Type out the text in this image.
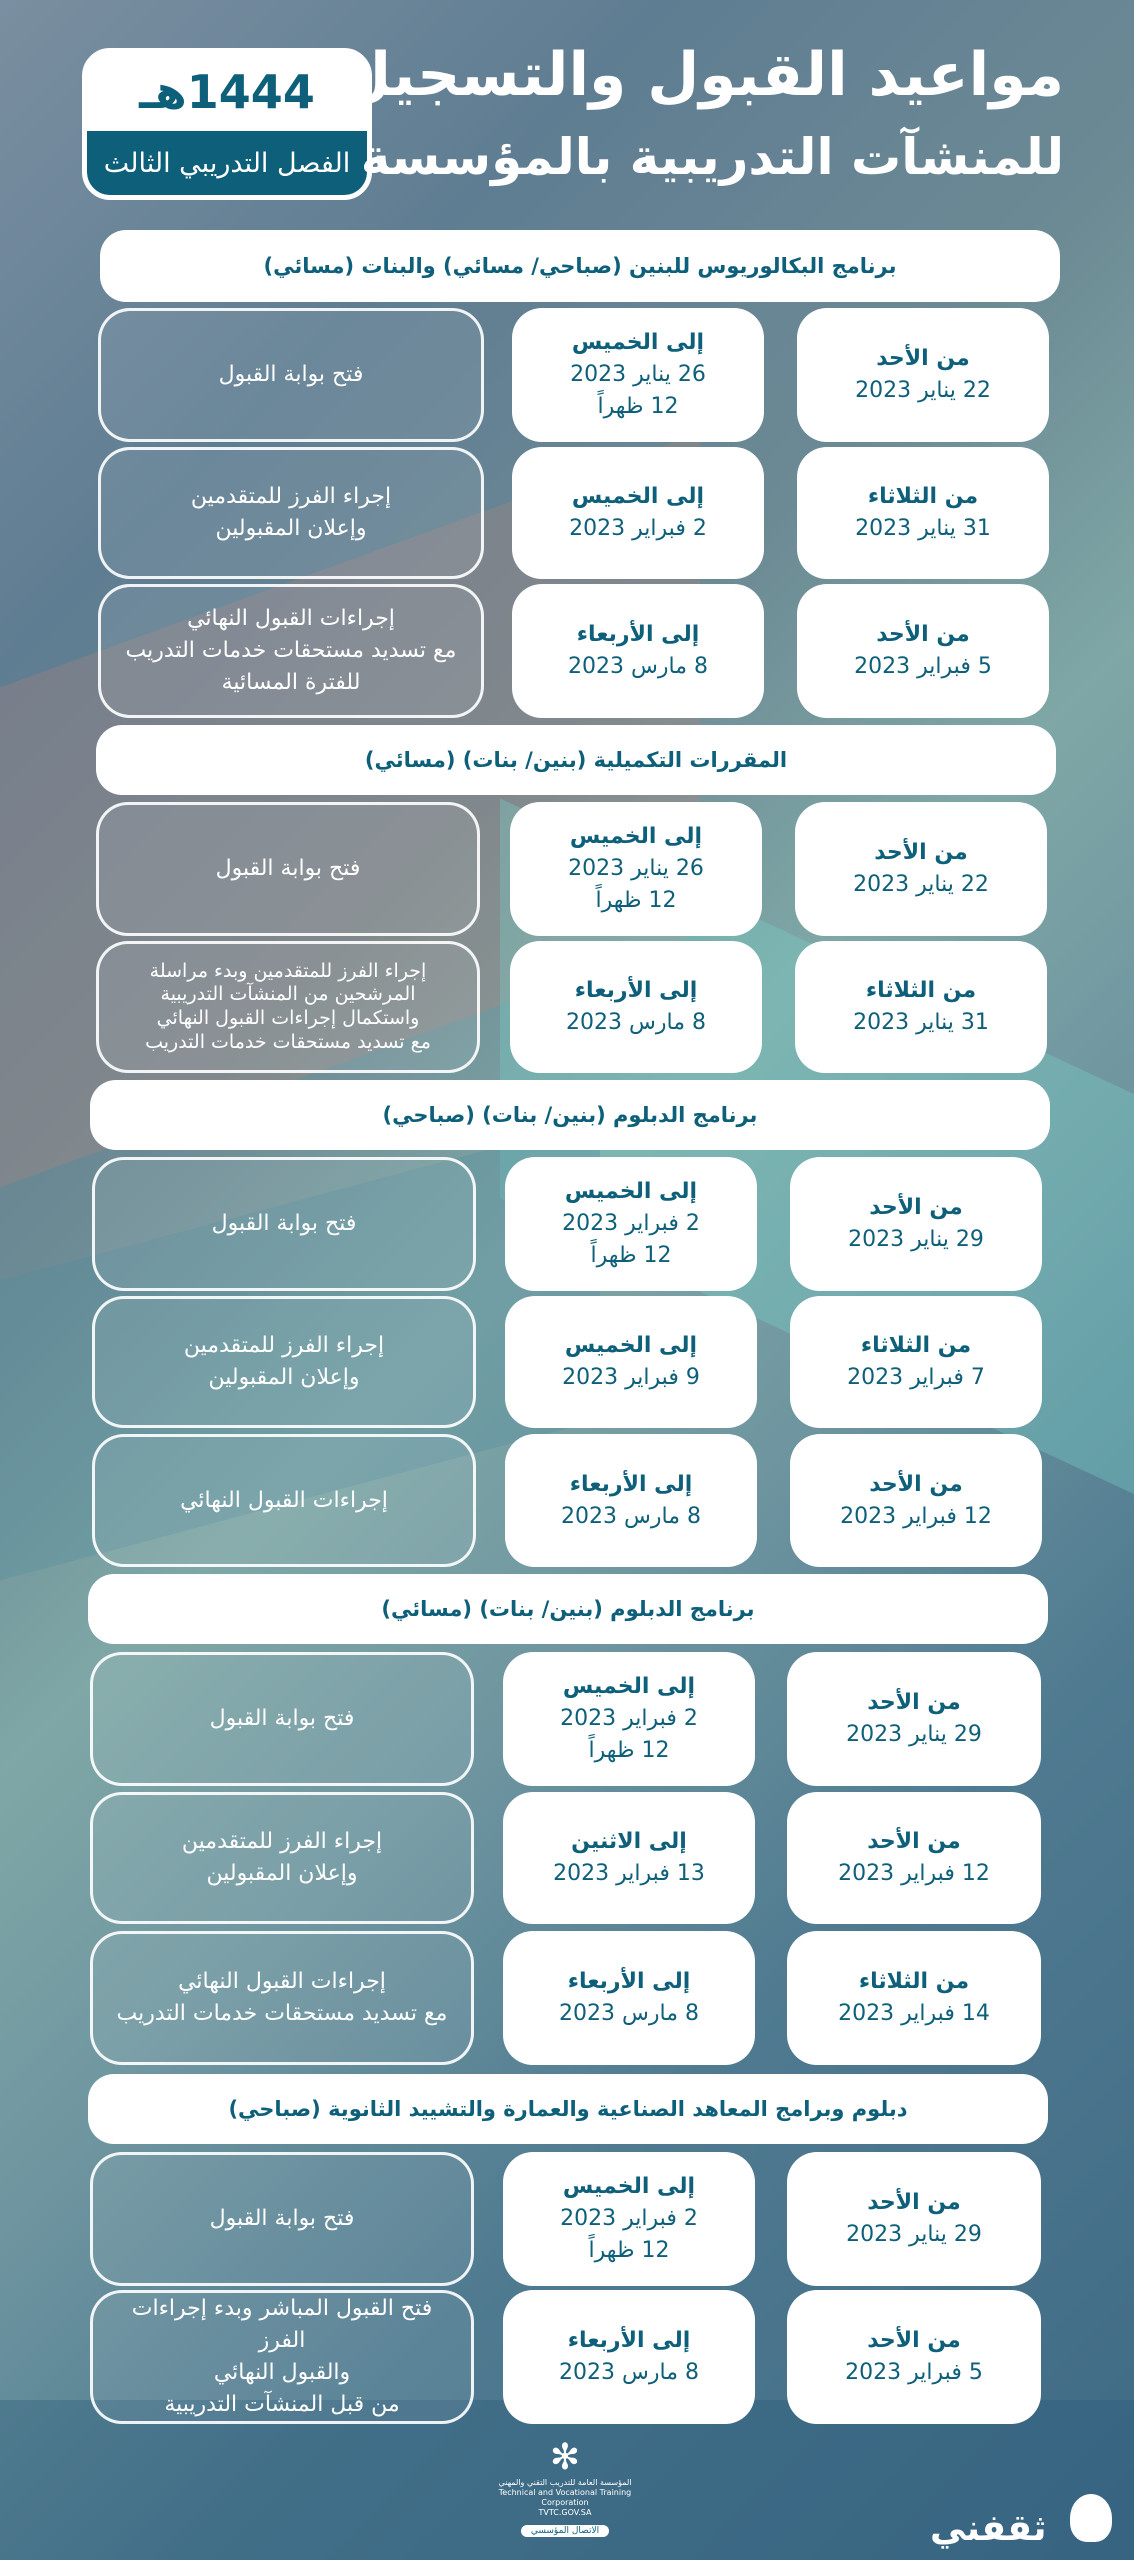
1444هـ
الفصل التدريبي الثالث
مواعيد القبول والتسجيل
للمنشآت التدريبية بالمؤسسة
برنامج البكالوريوس للبنين (صباحي/ مسائي) والبنات (مسائي)
من الأحد
22 يناير 2023
إلى الخميس
26 يناير 2023
12 ظهراً
فتح بوابة القبول
من الثلاثاء
31 يناير 2023
إلى الخميس
2 فبراير 2023
إجراء الفرز للمتقدمين
وإعلان المقبولين
من الأحد
5 فبراير 2023
إلى الأربعاء
8 مارس 2023
إجراءات القبول النهائي
مع تسديد مستحقات خدمات التدريب
للفترة المسائية
المقررات التكميلية (بنين/ بنات) (مسائي)
من الأحد
22 يناير 2023
إلى الخميس
26 يناير 2023
12 ظهراً
فتح بوابة القبول
من الثلاثاء
31 يناير 2023
إلى الأربعاء
8 مارس 2023
إجراء الفرز للمتقدمين وبدء مراسلة
المرشحين من المنشآت التدريبية
واستكمال إجراءات القبول النهائي
مع تسديد مستحقات خدمات التدريب
برنامج الدبلوم (بنين/ بنات) (صباحي)
من الأحد
29 يناير 2023
إلى الخميس
2 فبراير 2023
12 ظهراً
فتح بوابة القبول
من الثلاثاء
7 فبراير 2023
إلى الخميس
9 فبراير 2023
إجراء الفرز للمتقدمين
وإعلان المقبولين
من الأحد
12 فبراير 2023
إلى الأربعاء
8 مارس 2023
إجراءات القبول النهائي
برنامج الدبلوم (بنين/ بنات) (مسائي)
من الأحد
29 يناير 2023
إلى الخميس
2 فبراير 2023
12 ظهراً
فتح بوابة القبول
من الأحد
12 فبراير 2023
إلى الاثنين
13 فبراير 2023
إجراء الفرز للمتقدمين
وإعلان المقبولين
من الثلاثاء
14 فبراير 2023
إلى الأربعاء
8 مارس 2023
إجراءات القبول النهائي
مع تسديد مستحقات خدمات التدريب
دبلوم وبرامج المعاهد الصناعية والعمارة والتشييد الثانوية (صباحي)
من الأحد
29 يناير 2023
إلى الخميس
2 فبراير 2023
12 ظهراً
فتح بوابة القبول
من الأحد
5 فبراير 2023
إلى الأربعاء
8 مارس 2023
فتح القبول المباشر وبدء إجراءات الفرز
والقبول النهائي
من قبل المنشآت التدريبية
✻
المؤسسة العامة للتدريب التقني والمهني
Technical and Vocational Training Corporation
TVTC.GOV.SA
الاتصال المؤسسي	ثقفني
